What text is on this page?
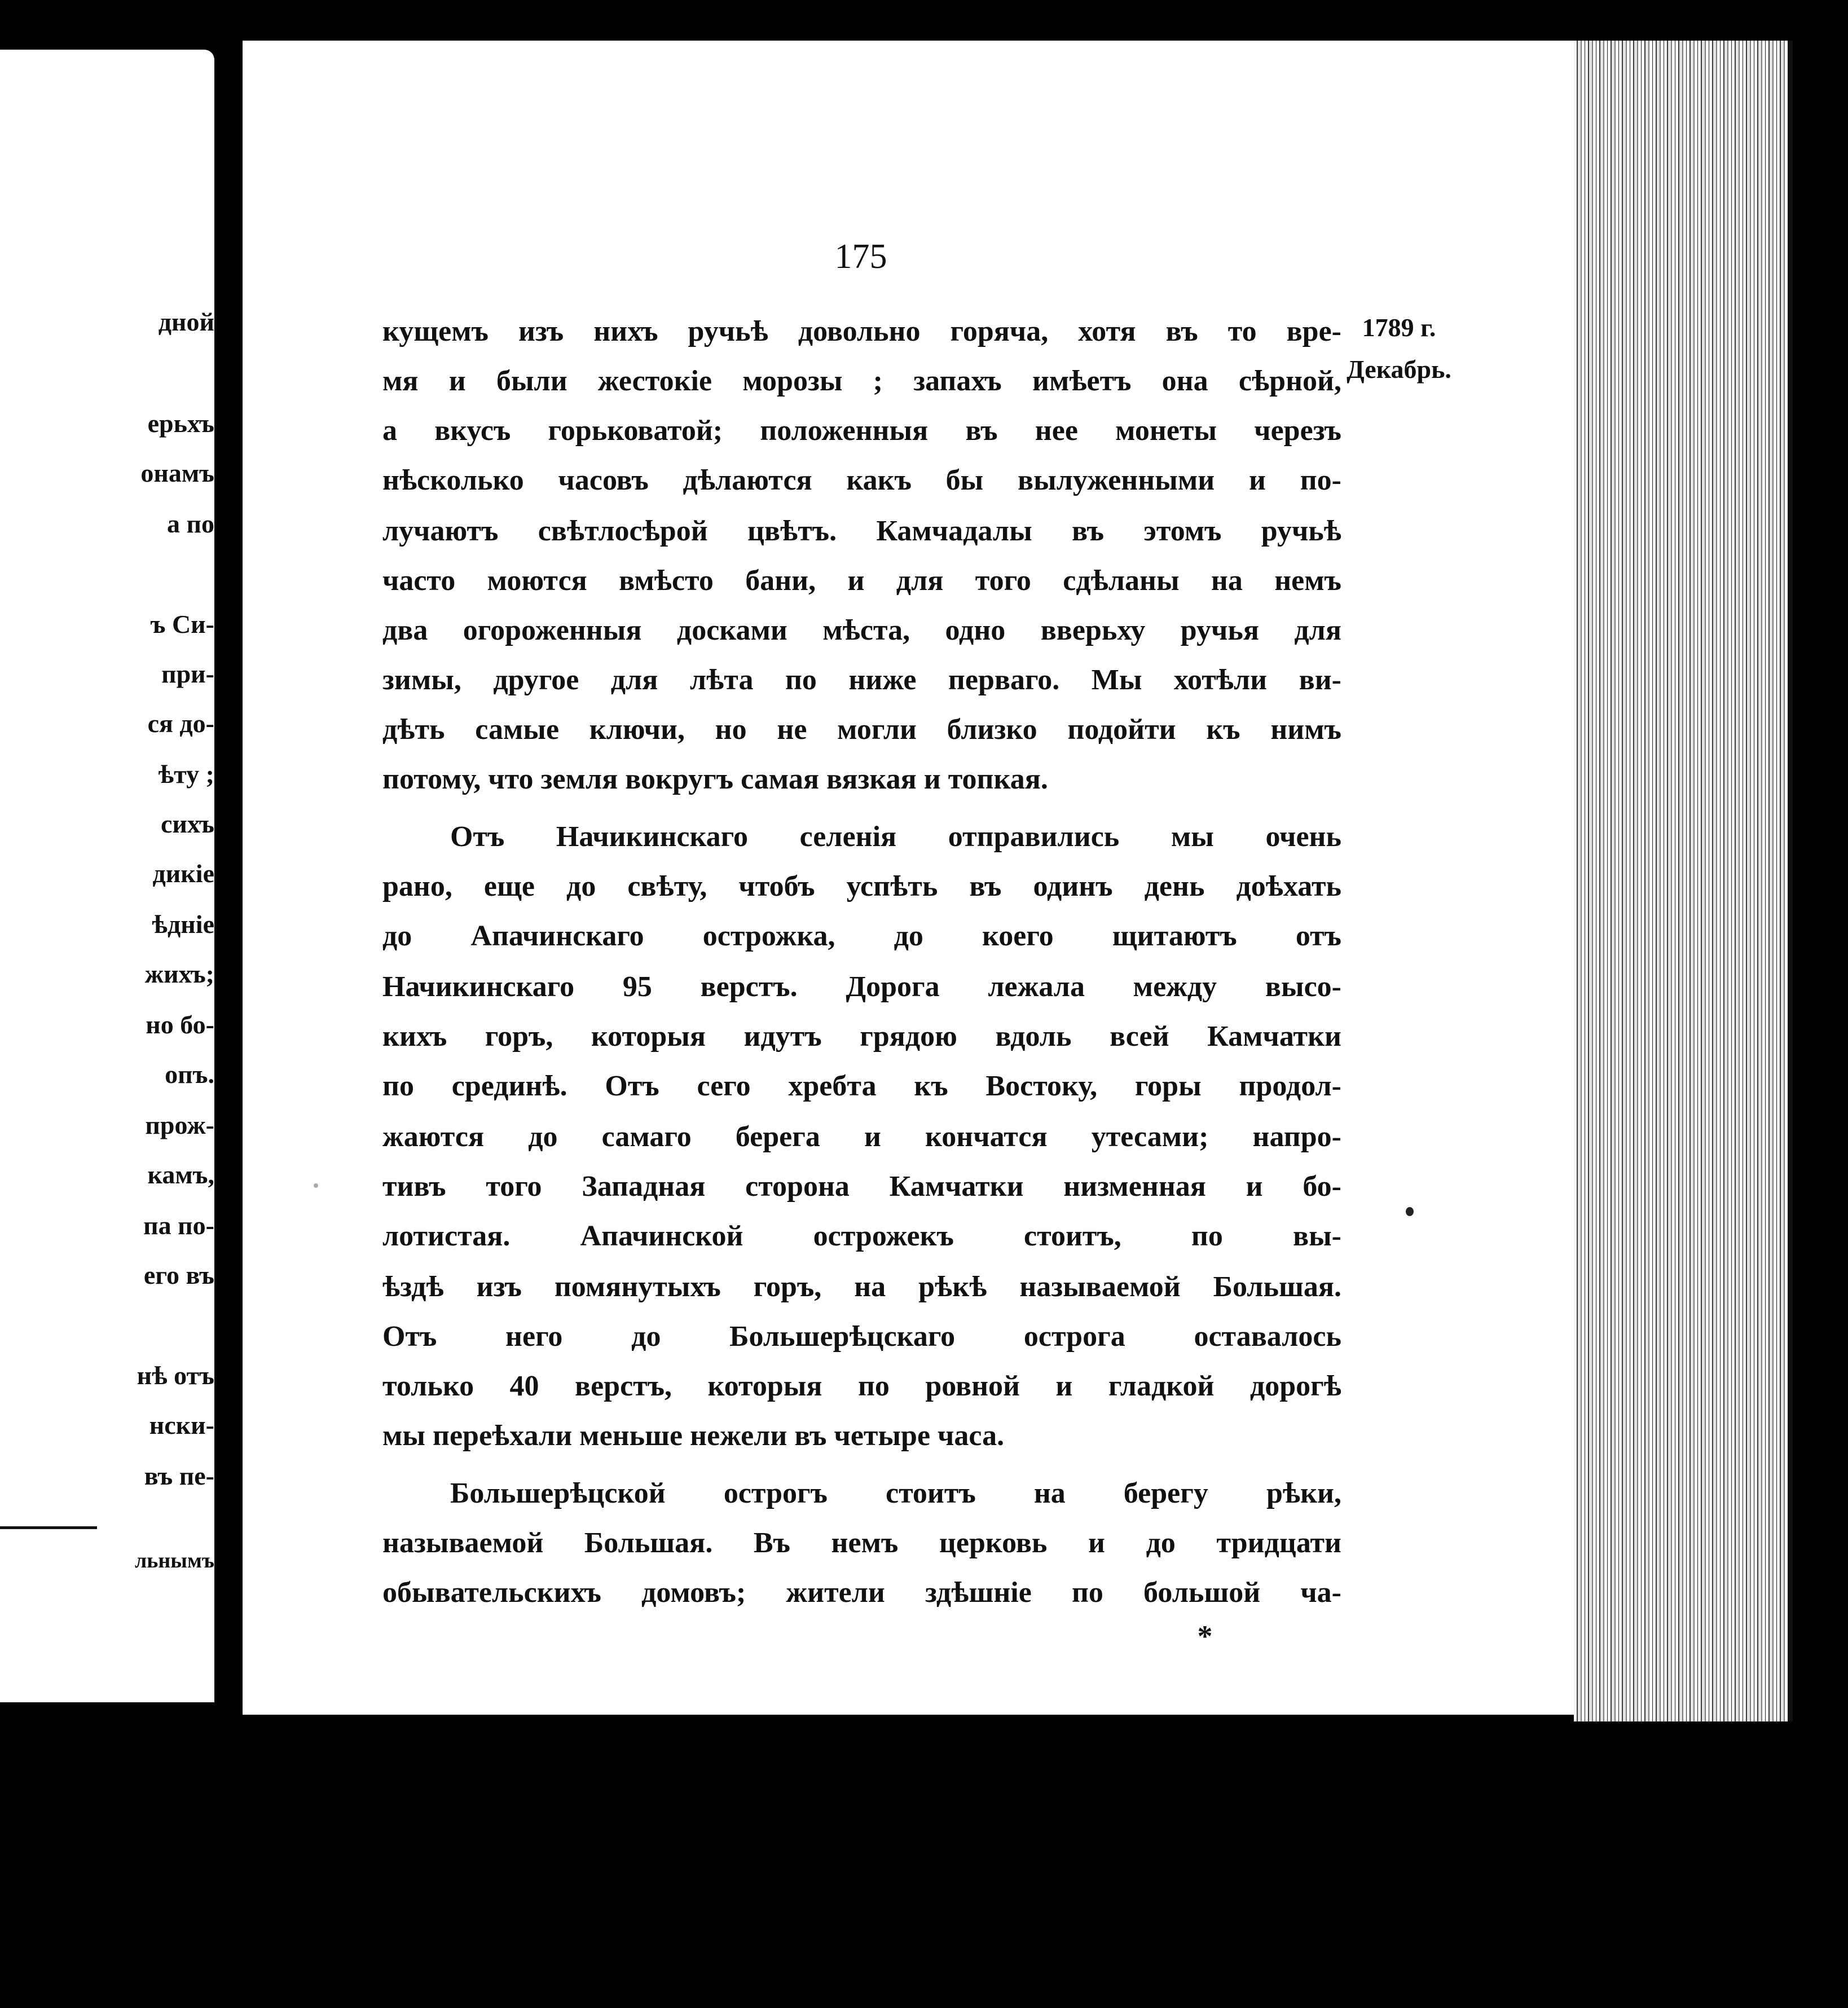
дной
ерьхъ
онамъ
а по
ъ Си-
при-
ся до-
ѣту ;
сихъ
дикіе
ѣдніе
жихъ;
но бо-
опъ.
прож-
камъ,
па по-
его въ
нѣ отъ
нски-
въ пе-
льнымъ
175
1789 г.
Декабрь.
кущемъ изъ нихъ ручьѣ довольно горяча, хотя въ то вре-
мя и были жестокіе морозы ; запахъ имѣетъ она сѣрной,
а вкусъ горьковатой; положенныя въ нее монеты черезъ
нѣсколько часовъ дѣлаются какъ бы вылуженными и по-
лучаютъ свѣтлосѣрой цвѣтъ. Камчадалы въ этомъ ручьѣ
часто моются вмѣсто бани, и для того сдѣланы на немъ
два огороженныя досками мѣста, одно вверьху ручья для
зимы, другое для лѣта по ниже перваго. Мы хотѣли ви-
дѣть самые ключи, но не могли близко подойти къ нимъ
потому, что земля вокругъ самая вязкая и топкая.
Отъ Начикинскаго селенія отправились мы очень
рано, еще до свѣту, чтобъ успѣть въ одинъ день доѣхать
до Апачинскаго острожка, до коего щитаютъ отъ
Начикинскаго 95 верстъ. Дорога лежала между высо-
кихъ горъ, которыя идутъ грядою вдоль всей Камчатки
по срединѣ. Отъ сего хребта къ Востоку, горы продол-
жаются до самаго берега и кончатся утесами; напро-
тивъ того Западная сторона Камчатки низменная и бо-
лотистая. Апачинской острожекъ стоитъ, по вы-
ѣздѣ изъ помянутыхъ горъ, на рѣкѣ называемой Большая.
Отъ него до Большерѣцскаго острога оставалось
только 40 верстъ, которыя по ровной и гладкой дорогѣ
мы переѣхали меньше нежели въ четыре часа.
Большерѣцской острогъ стоитъ на берегу рѣки,
называемой Большая. Въ немъ церковь и до тридцати
обывательскихъ домовъ; жители здѣшніе по большой ча-
*
